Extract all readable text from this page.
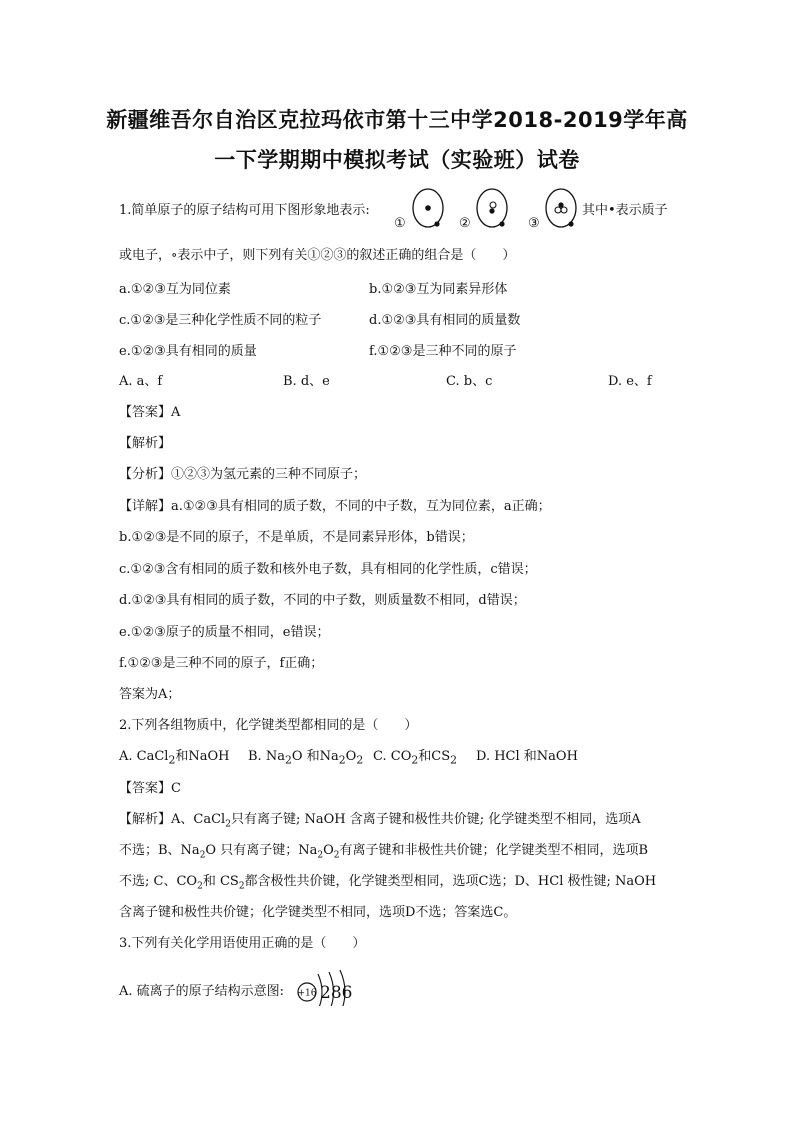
新疆维吾尔自治区克拉玛依市第十三中学2018-2019学年高
一下学期期中模拟考试（实验班）试卷
1.简单原子的原子结构可用下图形象地表示:
①	②	③
其中•表示质子
或电子，∘表示中子，则下列有关①②③的叙述正确的组合是（　　）
a.①②③互为同位素	b.①②③互为同素异形体
c.①②③是三种化学性质不同的粒子	d.①②③具有相同的质量数
e.①②③具有相同的质量	f.①②③是三种不同的原子
A. a、f	B. d、e	C. b、c	D. e、f
【答案】A
【解析】
【分析】①②③为氢元素的三种不同原子；
【详解】a.①②③具有相同的质子数，不同的中子数，互为同位素，a正确；
b.①②③是不同的原子，不是单质，不是同素异形体，b错误；
c.①②③含有相同的质子数和核外电子数，具有相同的化学性质，c错误；
d.①②③具有相同的质子数，不同的中子数，则质量数不相同，d错误；
e.①②③原子的质量不相同，e错误；
f.①②③是三种不同的原子，f正确；
答案为A；
2.下列各组物质中，化学键类型都相同的是（　　）
A. CaCl$_2$和NaOH B. $Na_2O$ 和$Na_2O_2$ C. $CO_2$和$CS_2$ D. HCl 和NaOH
【答案】C
【解析】A、CaCl$_2$只有离子键; NaOH 含离子键和极性共价键; 化学键类型不相同，选项A
不选；B、$Na_2O$ 只有离子键；$Na_2O_2$有离子键和非极性共价键；化学键类型不相同，选项B
不选; C、$CO_2$和 $CS_2$都含极性共价键，化学键类型相同，选项C选；D、HCl 极性键; NaOH
含离子键和极性共价键；化学键类型不相同，选项D不选；答案选C。
3.下列有关化学用语使用正确的是（　　）
A. 硫离子的原子结构示意图: +16 286
